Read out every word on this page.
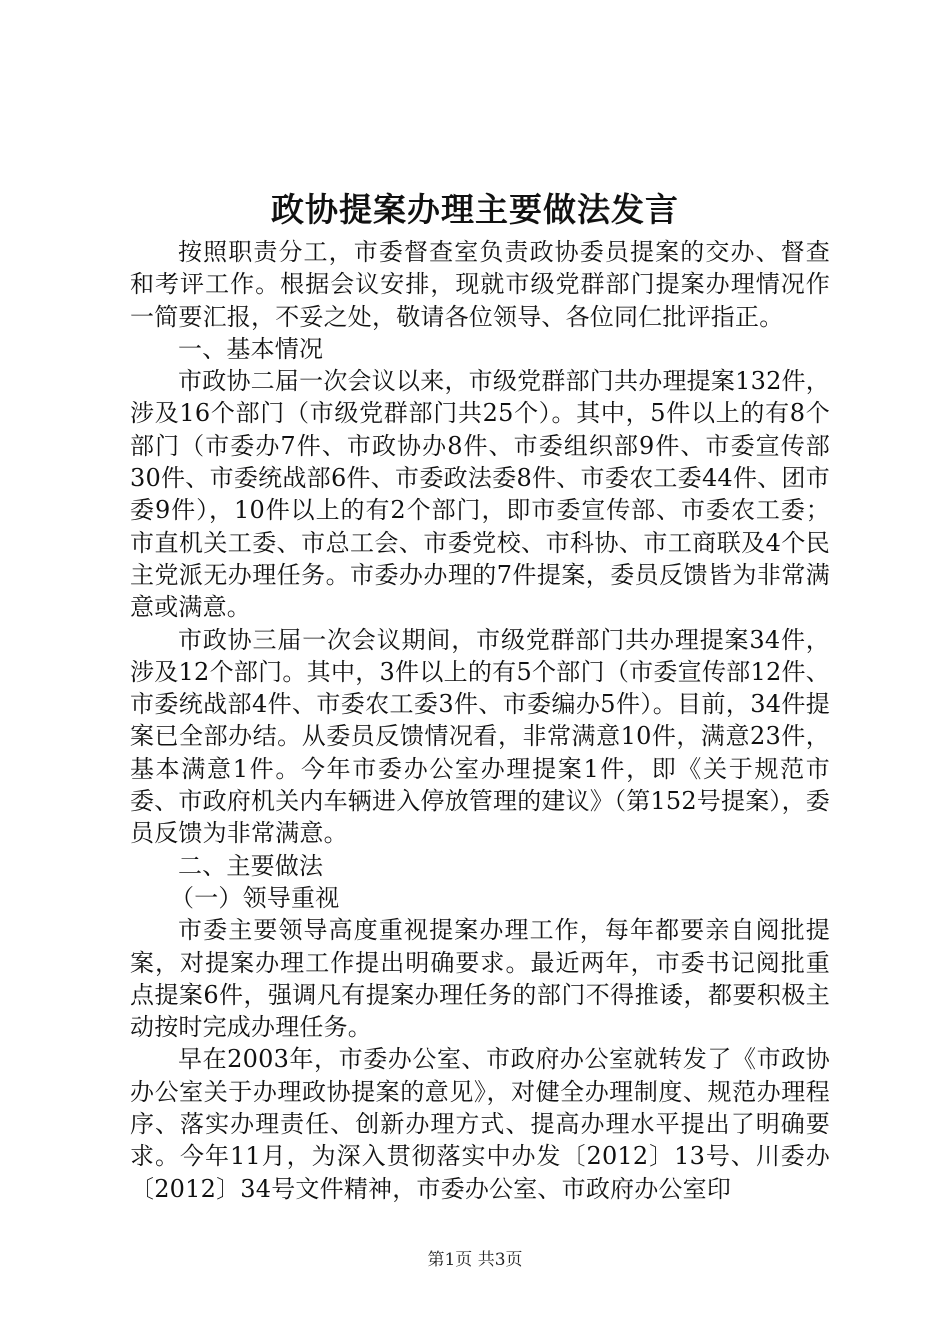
政协提案办理主要做法发言

按照职责分工，市委督查室负责政协委员提案的交办、督查和考评工作。根据会议安排，现就市级党群部门提案办理情况作一简要汇报，不妥之处，敬请各位领导、各位同仁批评指正。

一、基本情况

市政协二届一次会议以来，市级党群部门共办理提案132件，涉及16个部门（市级党群部门共25个）。其中，5件以上的有8个部门（市委办7件、市政协办8件、市委组织部9件、市委宣传部30件、市委统战部6件、市委政法委8件、市委农工委44件、团市委9件），10件以上的有2个部门，即市委宣传部、市委农工委；市直机关工委、市总工会、市委党校、市科协、市工商联及4个民主党派无办理任务。市委办办理的7件提案，委员反馈皆为非常满意或满意。

市政协三届一次会议期间，市级党群部门共办理提案34件，涉及12个部门。其中，3件以上的有5个部门（市委宣传部12件、市委统战部4件、市委农工委3件、市委编办5件）。目前，34件提案已全部办结。从委员反馈情况看，非常满意10件，满意23件，基本满意1件。今年市委办公室办理提案1件，即《关于规范市委、市政府机关内车辆进入停放管理的建议》（第152号提案），委员反馈为非常满意。

二、主要做法

（一）领导重视

市委主要领导高度重视提案办理工作，每年都要亲自阅批提案，对提案办理工作提出明确要求。最近两年，市委书记阅批重点提案6件，强调凡有提案办理任务的部门不得推诿，都要积极主动按时完成办理任务。

早在2003年，市委办公室、市政府办公室就转发了《市政协办公室关于办理政协提案的意见》，对健全办理制度、规范办理程序、落实办理责任、创新办理方式、提高办理水平提出了明确要求。今年11月，为深入贯彻落实中办发〔2012〕13号、川委办〔2012〕34号文件精神，市委办公室、市政府办公室印

第1页 共3页
